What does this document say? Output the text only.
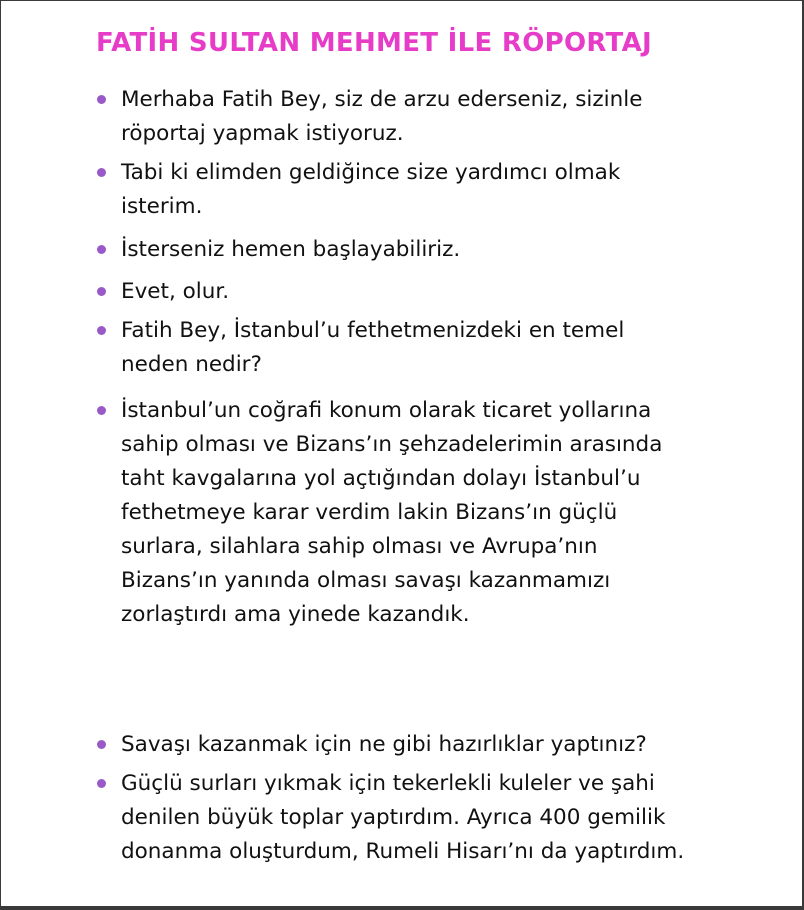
FATİH SULTAN MEHMET İLE RÖPORTAJ
Merhaba Fatih Bey, siz de arzu ederseniz, sizinle
röportaj yapmak istiyoruz.
Tabi ki elimden geldiğince size yardımcı olmak
isterim.
İsterseniz hemen başlayabiliriz.
Evet, olur.
Fatih Bey, İstanbul’u fethetmenizdeki en temel
neden nedir?
İstanbul’un coğrafi konum olarak ticaret yollarına
sahip olması ve Bizans’ın şehzadelerimin arasında
taht kavgalarına yol açtığından dolayı İstanbul’u
fethetmeye karar verdim lakin Bizans’ın güçlü
surlara, silahlara sahip olması ve Avrupa’nın
Bizans’ın yanında olması savaşı kazanmamızı
zorlaştırdı ama yinede kazandık.
Savaşı kazanmak için ne gibi hazırlıklar yaptınız?
Güçlü surları yıkmak için tekerlekli kuleler ve şahi
denilen büyük toplar yaptırdım. Ayrıca 400 gemilik
donanma oluşturdum, Rumeli Hisarı’nı da yaptırdım.
